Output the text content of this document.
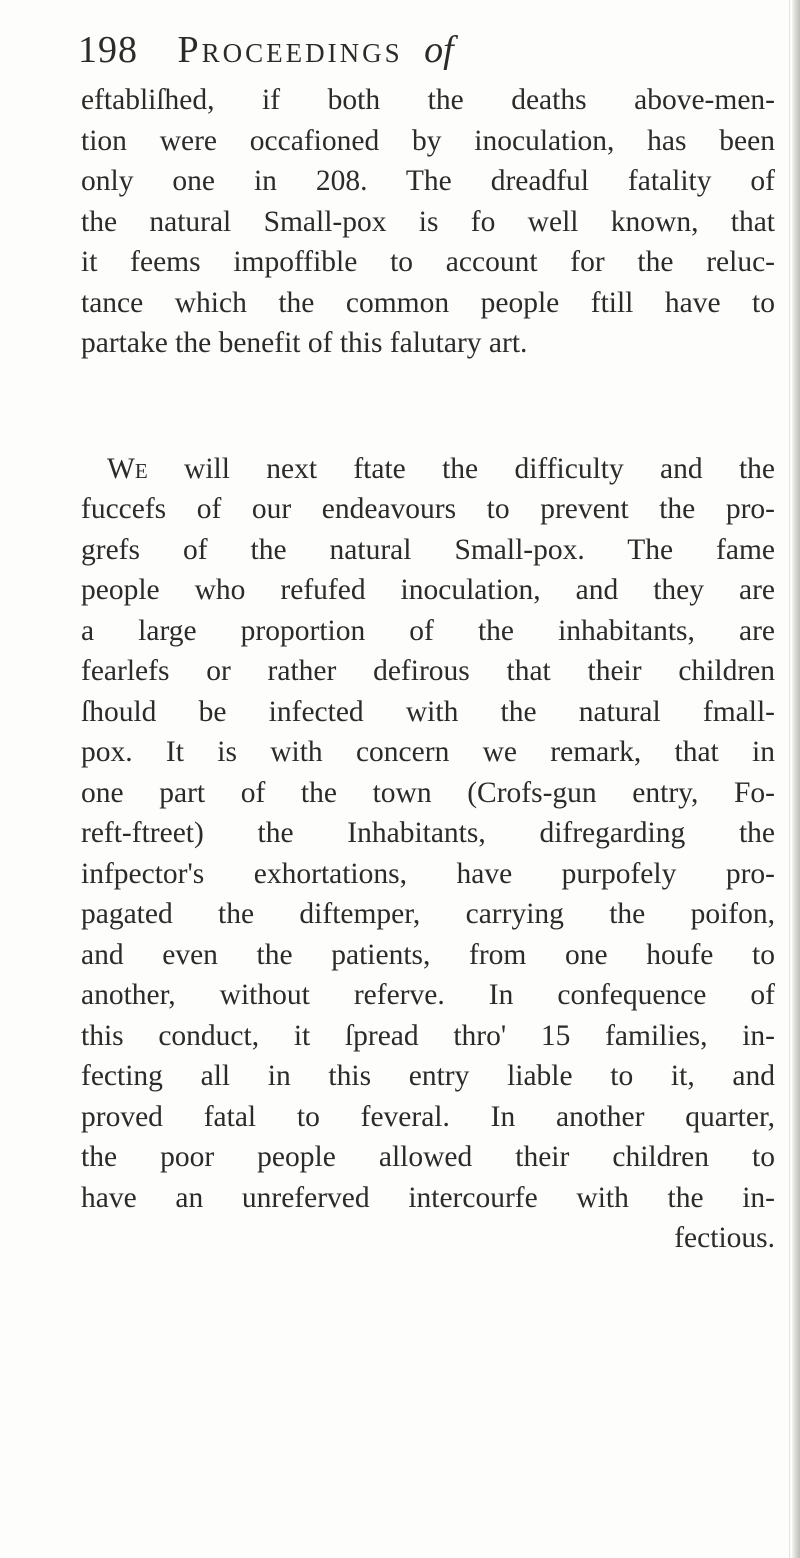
198 Proceedings of
eftabliſhed, if both the deaths above-men-
tion were occafioned by inoculation, has been
only one in 208. The dreadful fatality of
the natural Small-pox is fo well known, that
it feems impoffible to account for the reluc-
tance which the common people ftill have to
partake the benefit of this falutary art.
We will next ftate the difficulty and the
fuccefs of our endeavours to prevent the pro-
grefs of the natural Small-pox. The fame
people who refufed inoculation, and they are
a large proportion of the inhabitants, are
fearlefs or rather defirous that their children
ſhould be infected with the natural fmall-
pox. It is with concern we remark, that in
one part of the town (Crofs-gun entry, Fo-
reft-ftreet) the Inhabitants, difregarding the
infpector's exhortations, have purpofely pro-
pagated the diftemper, carrying the poifon,
and even the patients, from one houfe to
another, without referve. In confequence of
this conduct, it ſpread thro' 15 families, in-
fecting all in this entry liable to it, and
proved fatal to feveral. In another quarter,
the poor people allowed their children to
have an unreferved intercourfe with the in-
fectious.
